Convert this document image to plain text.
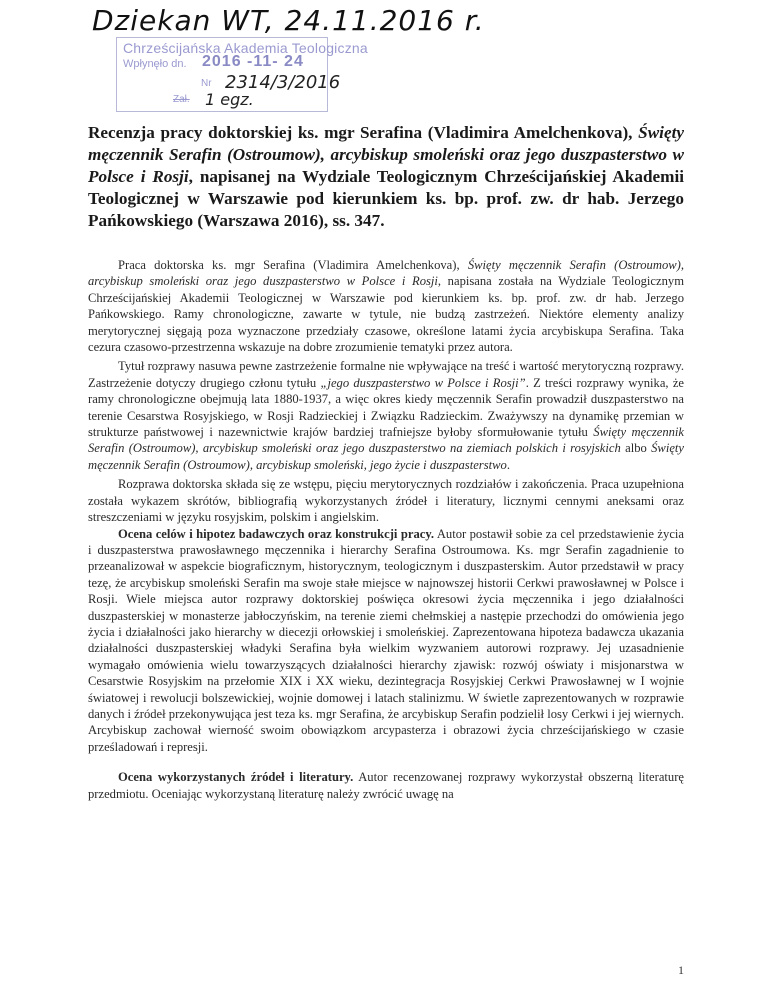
Dziekan WT, 24.11.2016 r.
Chrześcijańska Akademia Teologiczna
Wpłynęło dn. 2016 -11- 24
Nr 2314/3/2016
Zał. 1 egz.
Recenzja pracy doktorskiej ks. mgr Serafina (Vladimira Amelchenkova), Święty męczennik Serafin (Ostroumow), arcybiskup smoleński oraz jego duszpasterstwo w Polsce i Rosji, napisanej na Wydziale Teologicznym Chrześcijańskiej Akademii Teologicznej w Warszawie pod kierunkiem ks. bp. prof. zw. dr hab. Jerzego Pańkowskiego (Warszawa 2016), ss. 347.

Praca doktorska ks. mgr Serafina (Vladimira Amelchenkova), Święty męczennik Serafin (Ostroumow), arcybiskup smoleński oraz jego duszpasterstwo w Polsce i Rosji, napisana została na Wydziale Teologicznym Chrześcijańskiej Akademii Teologicznej w Warszawie pod kierunkiem ks. bp. prof. zw. dr hab. Jerzego Pańkowskiego. Ramy chronologiczne, zawarte w tytule, nie budzą zastrzeżeń. Niektóre elementy analizy merytorycznej sięgają poza wyznaczone przedziały czasowe, określone latami życia arcybiskupa Serafina. Taka cezura czasowo-przestrzenna wskazuje na dobre zrozumienie tematyki przez autora.

Tytuł rozprawy nasuwa pewne zastrzeżenie formalne nie wpływające na treść i wartość merytoryczną rozprawy. Zastrzeżenie dotyczy drugiego członu tytułu „jego duszpasterstwo w Polsce i Rosji”. Z treści rozprawy wynika, że ramy chronologiczne obejmują lata 1880-1937, a więc okres kiedy męczennik Serafin prowadził duszpasterstwo na terenie Cesarstwa Rosyjskiego, w Rosji Radzieckiej i Związku Radzieckim. Zważywszy na dynamikę przemian w strukturze państwowej i nazewnictwie krajów bardziej trafniejsze byłoby sformułowanie tytułu Święty męczennik Serafin (Ostroumow), arcybiskup smoleński oraz jego duszpasterstwo na ziemiach polskich i rosyjskich albo Święty męczennik Serafin (Ostroumow), arcybiskup smoleński, jego życie i duszpasterstwo.

Rozprawa doktorska składa się ze wstępu, pięciu merytorycznych rozdziałów i zakończenia. Praca uzupełniona została wykazem skrótów, bibliografią wykorzystanych źródeł i literatury, licznymi cennymi aneksami oraz streszczeniami w języku rosyjskim, polskim i angielskim.

Ocena celów i hipotez badawczych oraz konstrukcji pracy. Autor postawił sobie za cel przedstawienie życia i duszpasterstwa prawosławnego męczennika i hierarchy Serafina Ostroumowa. Ks. mgr Serafin zagadnienie to przeanalizował w aspekcie biograficznym, historycznym, teologicznym i duszpasterskim. Autor przedstawił w pracy tezę, że arcybiskup smoleński Serafin ma swoje stałe miejsce w najnowszej historii Cerkwi prawosławnej w Polsce i Rosji. Wiele miejsca autor rozprawy doktorskiej poświęca okresowi życia męczennika i jego działalności duszpasterskiej w monasterze jabłoczyńskim, na terenie ziemi chełmskiej a następie przechodzi do omówienia jego życia i działalności jako hierarchy w diecezji orłowskiej i smoleńskiej. Zaprezentowana hipoteza badawcza ukazania działalności duszpasterskiej władyki Serafina była wielkim wyzwaniem autorowi rozprawy. Jej uzasadnienie wymagało omówienia wielu towarzyszących działalności hierarchy zjawisk: rozwój oświaty i misjonarstwa w Cesarstwie Rosyjskim na przełomie XIX i XX wieku, dezintegracja Rosyjskiej Cerkwi Prawosławnej w I wojnie światowej i rewolucji bolszewickiej, wojnie domowej i latach stalinizmu. W świetle zaprezentowanych w rozprawie danych i źródeł przekonywująca jest teza ks. mgr Serafina, że arcybiskup Serafin podzielił losy Cerkwi i jej wiernych. Arcybiskup zachował wierność swoim obowiązkom arcypasterza i obrazowi życia chrześcijańskiego w czasie prześladowań i represji.

Ocena wykorzystanych źródeł i literatury. Autor recenzowanej rozprawy wykorzystał obszerną literaturę przedmiotu. Oceniając wykorzystaną literaturę należy zwrócić uwagę na

1
